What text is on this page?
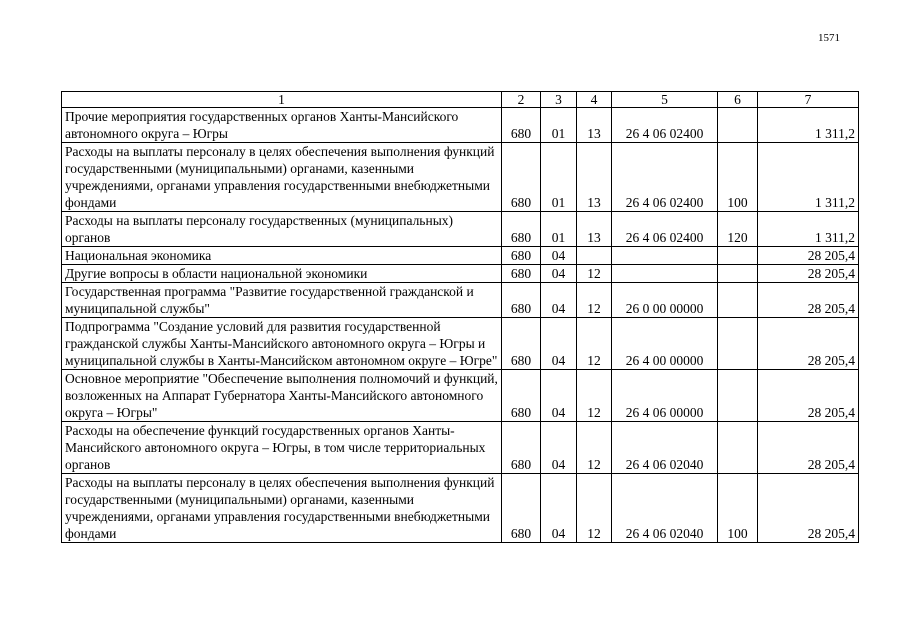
1571
1	2	3	4	5	6	7
Прочие мероприятия государственных органов Ханты-Мансийского автономного округа – Югры	680	01	13	26 4 06 02400		1 311,2
Расходы на выплаты персоналу в целях обеспечения выполнения функций государственными (муниципальными) органами, казенными учреждениями, органами управления государственными внебюджетными фондами	680	01	13	26 4 06 02400	100	1 311,2
Расходы на выплаты персоналу государственных (муниципальных) органов	680	01	13	26 4 06 02400	120	1 311,2
Национальная экономика	680	04				28 205,4
Другие вопросы в области национальной экономики	680	04	12			28 205,4
Государственная программа "Развитие государственной гражданской и муниципальной службы"	680	04	12	26 0 00 00000		28 205,4
Подпрограмма "Создание условий для развития государственной гражданской службы Ханты-Мансийского автономного округа – Югры и муниципальной службы в Ханты-Мансийском автономном округе – Югре"	680	04	12	26 4 00 00000		28 205,4
Основное мероприятие "Обеспечение выполнения полномочий и функций, возложенных на Аппарат Губернатора Ханты-Мансийского автономного округа – Югры"	680	04	12	26 4 06 00000		28 205,4
Расходы на обеспечение функций государственных органов Ханты-Мансийского автономного округа – Югры, в том числе территориальных органов	680	04	12	26 4 06 02040		28 205,4
Расходы на выплаты персоналу в целях обеспечения выполнения функций государственными (муниципальными) органами, казенными учреждениями, органами управления государственными внебюджетными фондами	680	04	12	26 4 06 02040	100	28 205,4
